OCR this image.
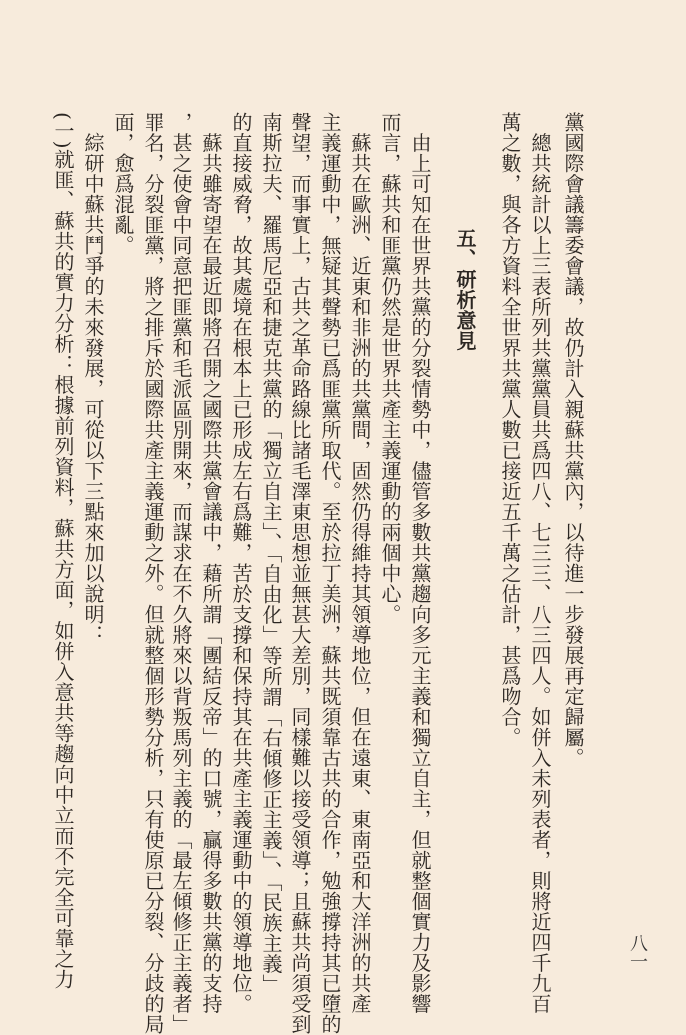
黨國際會議籌委會議，故仍計入親蘇共黨內，以待進一步發展再定歸屬。
　總共統計以上三表所列共黨黨員共爲四八、七三三、八三四人。如併入未列表者，則將近四千九百
萬之數，與各方資料全世界共黨人數已接近五千萬之估計，甚爲吻合。
五、研析意見
　由上可知在世界共黨的分裂情勢中，儘管多數共黨趨向多元主義和獨立自主，但就整個實力及影響
而言，蘇共和匪黨仍然是世界共產主義運動的兩個中心。
　蘇共在歐洲、近東和非洲的共黨間，固然仍得維持其領導地位，但在遠東、東南亞和大洋洲的共產
主義運動中，無疑其聲勢已爲匪黨所取代。至於拉丁美洲，蘇共既須靠古共的合作，勉強撐持其已墮的
聲望，而事實上，古共之革命路線比諸毛澤東思想並無甚大差別，同樣難以接受領導；且蘇共尚須受到
南斯拉夫、羅馬尼亞和捷克共黨的「獨立自主」、「自由化」等所謂「右傾修正主義」、「民族主義」
的直接威脅，故其處境在根本上已形成左右爲難，苦於支撐和保持其在共產主義運動中的領導地位。
　蘇共雖寄望在最近即將召開之國際共黨會議中，藉所謂「團結反帝」的口號，贏得多數共黨的支持
，甚之使會中同意把匪黨和毛派區別開來，而謀求在不久將來以背叛馬列主義的「最左傾修正主義者」
罪名，分裂匪黨，將之排斥於國際共產主義運動之外。但就整個形勢分析，只有使原已分裂、分歧的局
面，愈爲混亂。
　綜研中蘇共鬥爭的未來發展，可從以下三點來加以說明：
(一)就匪、蘇共的實力分析：根據前列資料，蘇共方面，如併入意共等趨向中立而不完全可靠之力	八一
